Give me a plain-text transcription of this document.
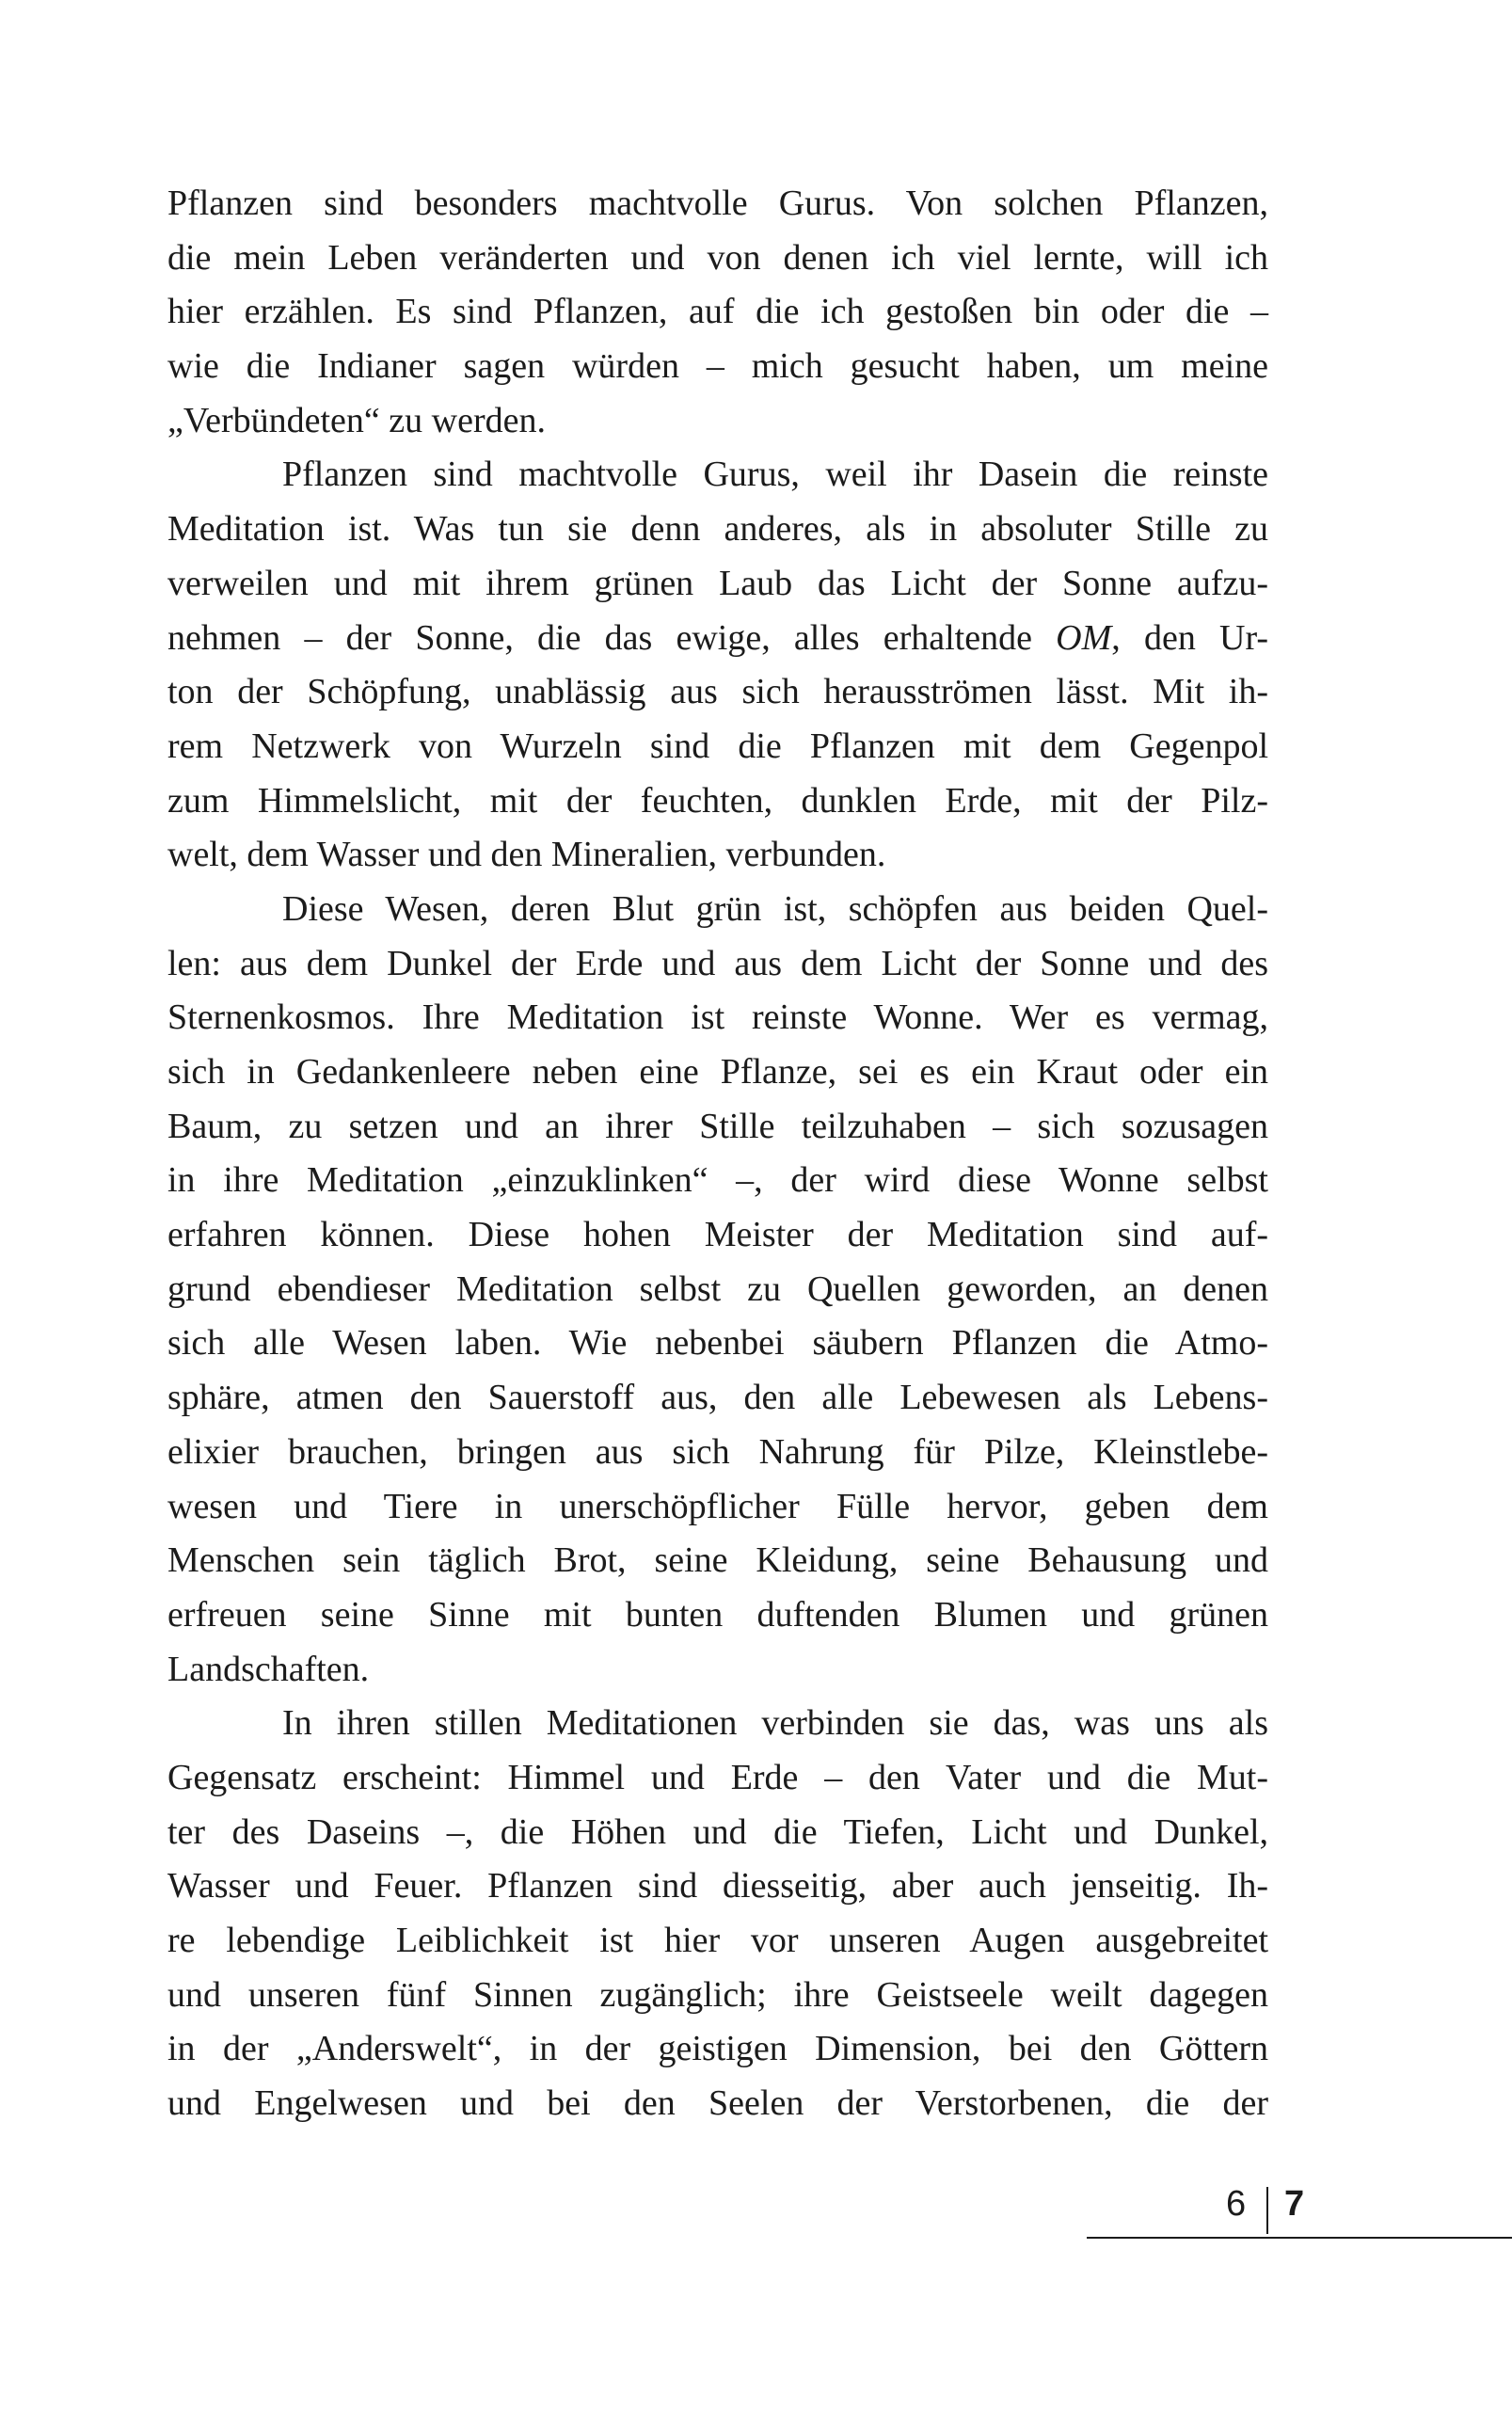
Pflanzen sind besonders machtvolle Gurus. Von solchen Pflanzen,
die mein Leben veränderten und von denen ich viel lernte, will ich
hier erzählen. Es sind Pflanzen, auf die ich gestoßen bin oder die –
wie die Indianer sagen würden – mich gesucht haben, um meine
„Verbündeten“ zu werden.
Pflanzen sind machtvolle Gurus, weil ihr Dasein die reinste
Meditation ist. Was tun sie denn anderes, als in absoluter Stille zu
verweilen und mit ihrem grünen Laub das Licht der Sonne aufzu-
nehmen – der Sonne, die das ewige, alles erhaltende OM, den Ur-
ton der Schöpfung, unablässig aus sich herausströmen lässt. Mit ih-
rem Netzwerk von Wurzeln sind die Pflanzen mit dem Gegenpol
zum Himmelslicht, mit der feuchten, dunklen Erde, mit der Pilz-
welt, dem Wasser und den Mineralien, verbunden.
Diese Wesen, deren Blut grün ist, schöpfen aus beiden Quel-
len: aus dem Dunkel der Erde und aus dem Licht der Sonne und des
Sternenkosmos. Ihre Meditation ist reinste Wonne. Wer es vermag,
sich in Gedankenleere neben eine Pflanze, sei es ein Kraut oder ein
Baum, zu setzen und an ihrer Stille teilzuhaben – sich sozusagen
in ihre Meditation „einzuklinken“ –, der wird diese Wonne selbst
erfahren können. Diese hohen Meister der Meditation sind auf-
grund ebendieser Meditation selbst zu Quellen geworden, an denen
sich alle Wesen laben. Wie nebenbei säubern Pflanzen die Atmo-
sphäre, atmen den Sauerstoff aus, den alle Lebewesen als Lebens-
elixier brauchen, bringen aus sich Nahrung für Pilze, Kleinstlebe-
wesen und Tiere in unerschöpflicher Fülle hervor, geben dem
Menschen sein täglich Brot, seine Kleidung, seine Behausung und
erfreuen seine Sinne mit bunten duftenden Blumen und grünen
Landschaften.
In ihren stillen Meditationen verbinden sie das, was uns als
Gegensatz erscheint: Himmel und Erde – den Vater und die Mut-
ter des Daseins –, die Höhen und die Tiefen, Licht und Dunkel,
Wasser und Feuer. Pflanzen sind diesseitig, aber auch jenseitig. Ih-
re lebendige Leiblichkeit ist hier vor unseren Augen ausgebreitet
und unseren fünf Sinnen zugänglich; ihre Geistseele weilt dagegen
in der „Anderswelt“, in der geistigen Dimension, bei den Göttern
und Engelwesen und bei den Seelen der Verstorbenen, die der
6 7
